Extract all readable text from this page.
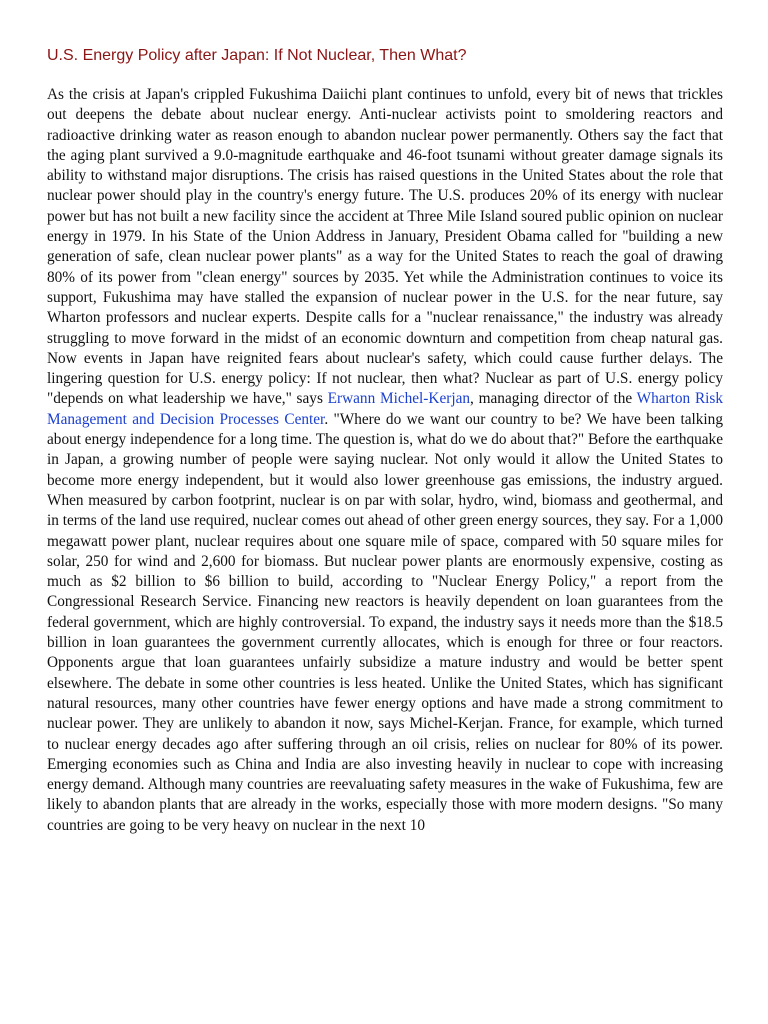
U.S. Energy Policy after Japan: If Not Nuclear, Then What?

As the crisis at Japan's crippled Fukushima Daiichi plant continues to unfold, every bit of news that trickles out deepens the debate about nuclear energy. Anti-nuclear activists point to smoldering reactors and radioactive drinking water as reason enough to abandon nuclear power permanently. Others say the fact that the aging plant survived a 9.0-magnitude earthquake and 46-foot tsunami without greater damage signals its ability to withstand major disruptions. The crisis has raised questions in the United States about the role that nuclear power should play in the country's energy future. The U.S. produces 20% of its energy with nuclear power but has not built a new facility since the accident at Three Mile Island soured public opinion on nuclear energy in 1979. In his State of the Union Address in January, President Obama called for "building a new generation of safe, clean nuclear power plants" as a way for the United States to reach the goal of drawing 80% of its power from "clean energy" sources by 2035. Yet while the Administration continues to voice its support, Fukushima may have stalled the expansion of nuclear power in the U.S. for the near future, say Wharton professors and nuclear experts. Despite calls for a "nuclear renaissance," the industry was already struggling to move forward in the midst of an economic downturn and competition from cheap natural gas. Now events in Japan have reignited fears about nuclear's safety, which could cause further delays. The lingering question for U.S. energy policy: If not nuclear, then what? Nuclear as part of U.S. energy policy "depends on what leadership we have," says Erwann Michel-Kerjan, managing director of the Wharton Risk Management and Decision Processes Center. "Where do we want our country to be? We have been talking about energy independence for a long time. The question is, what do we do about that?" Before the earthquake in Japan, a growing number of people were saying nuclear. Not only would it allow the United States to become more energy independent, but it would also lower greenhouse gas emissions, the industry argued. When measured by carbon footprint, nuclear is on par with solar, hydro, wind, biomass and geothermal, and in terms of the land use required, nuclear comes out ahead of other green energy sources, they say. For a 1,000 megawatt power plant, nuclear requires about one square mile of space, compared with 50 square miles for solar, 250 for wind and 2,600 for biomass. But nuclear power plants are enormously expensive, costing as much as $2 billion to $6 billion to build, according to "Nuclear Energy Policy," a report from the Congressional Research Service. Financing new reactors is heavily dependent on loan guarantees from the federal government, which are highly controversial. To expand, the industry says it needs more than the $18.5 billion in loan guarantees the government currently allocates, which is enough for three or four reactors. Opponents argue that loan guarantees unfairly subsidize a mature industry and would be better spent elsewhere. The debate in some other countries is less heated. Unlike the United States, which has significant natural resources, many other countries have fewer energy options and have made a strong commitment to nuclear power. They are unlikely to abandon it now, says Michel-Kerjan. France, for example, which turned to nuclear energy decades ago after suffering through an oil crisis, relies on nuclear for 80% of its power. Emerging economies such as China and India are also investing heavily in nuclear to cope with increasing energy demand. Although many countries are reevaluating safety measures in the wake of Fukushima, few are likely to abandon plants that are already in the works, especially those with more modern designs. "So many countries are going to be very heavy on nuclear in the next 10
